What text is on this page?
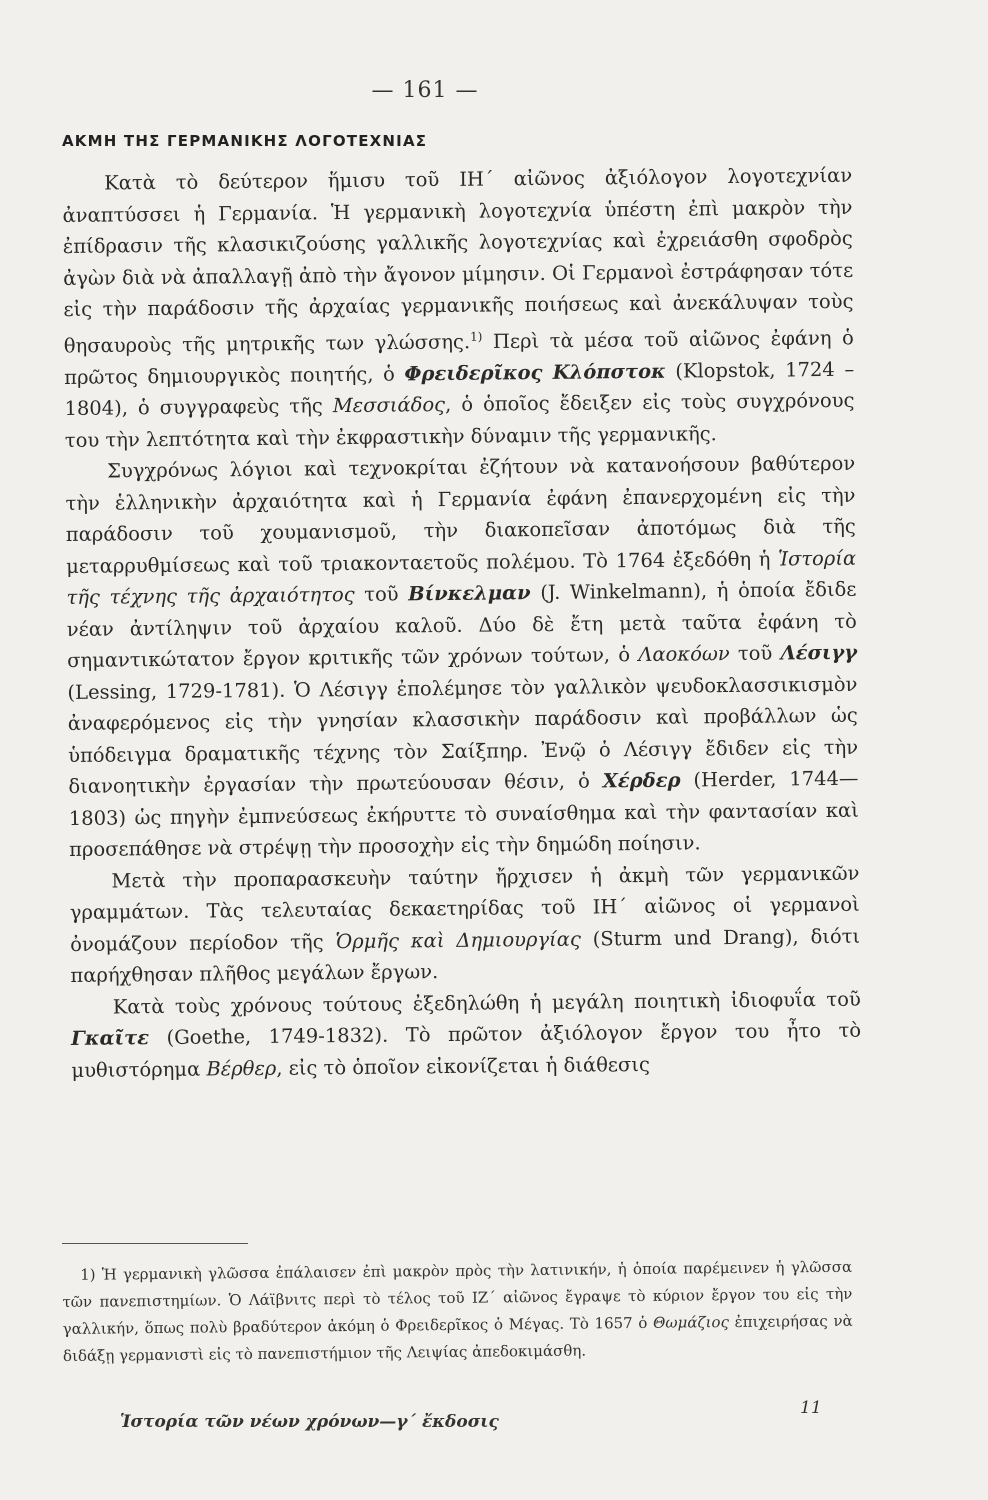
— 161 —
ΑΚΜΗ ΤΗΣ ΓΕΡΜΑΝΙΚΗΣ ΛΟΓΟΤΕΧΝΙΑΣ

Κατὰ τὸ δεύτερον ἥμισυ τοῦ ΙΗ΄ αἰῶνος ἀξιόλογον λογοτεχνίαν ἀναπτύσσει ἡ Γερμανία. Ἡ γερμανικὴ λογοτεχνία ὑπέστη ἐπὶ μακρὸν τὴν ἐπίδρασιν τῆς κλασικιζούσης γαλλικῆς λογοτεχνίας καὶ ἐχρειάσθη σφοδρὸς ἀγὼν διὰ νὰ ἀπαλλαγῇ ἀπὸ τὴν ἄγονον μίμησιν. Οἱ Γερμανοὶ ἐστράφησαν τότε εἰς τὴν παράδοσιν τῆς ἀρχαίας γερμανικῆς ποιήσεως καὶ ἀνεκάλυψαν τοὺς θησαυροὺς τῆς μητρικῆς των γλώσσης.$^{1)}$ Περὶ τὰ μέσα τοῦ αἰῶνος ἐφάνη ὁ πρῶτος δημιουργικὸς ποιητής, ὁ Φρειδερῖκος Κλόπστοκ (Klopstok, 1724 – 1804), ὁ συγγραφεὺς τῆς Μεσσιάδος, ὁ ὁποῖος ἔδειξεν εἰς τοὺς συγχρόνους του τὴν λεπτότητα καὶ τὴν ἐκφραστικὴν δύναμιν τῆς γερμανικῆς.

Συγχρόνως λόγιοι καὶ τεχνοκρίται ἐζήτουν νὰ κατανοήσουν βαθύτερον τὴν ἑλληνικὴν ἀρχαιότητα καὶ ἡ Γερμανία ἐφάνη ἐπανερχομένη εἰς τὴν παράδοσιν τοῦ χουμανισμοῦ, τὴν διακοπεῖσαν ἀποτόμως διὰ τῆς μεταρρυθμίσεως καὶ τοῦ τριακονταετοῦς πολέμου. Τὸ 1764 ἐξεδόθη ἡ Ἱστορία τῆς τέχνης τῆς ἀρχαιότητος τοῦ Βίνκελμαν (J. Winkelmann), ἡ ὁποία ἔδιδε νέαν ἀντίληψιν τοῦ ἀρχαίου καλοῦ. Δύο δὲ ἔτη μετὰ ταῦτα ἐφάνη τὸ σημαντικώτατον ἔργον κριτικῆς τῶν χρόνων τούτων, ὁ Λαοκόων τοῦ Λέσιγγ (Lessing, 1729-1781). Ὁ Λέσιγγ ἐπολέμησε τὸν γαλλικὸν ψευδοκλασσικισμὸν ἀναφερόμενος εἰς τὴν γνησίαν κλασσικὴν παράδοσιν καὶ προβάλλων ὡς ὑπόδειγμα δραματικῆς τέχνης τὸν Σαίξπηρ. Ἐνῷ ὁ Λέσιγγ ἔδιδεν εἰς τὴν διανοητικὴν ἐργασίαν τὴν πρωτεύουσαν θέσιν, ὁ Χέρδερ (Herder, 1744—1803) ὡς πηγὴν ἐμπνεύσεως ἐκήρυττε τὸ συναίσθημα καὶ τὴν φαντασίαν καὶ προσεπάθησε νὰ στρέψῃ τὴν προσοχὴν εἰς τὴν δημώδη ποίησιν.

Μετὰ τὴν προπαρασκευὴν ταύτην ἤρχισεν ἡ ἀκμὴ τῶν γερμανικῶν γραμμάτων. Τὰς τελευταίας δεκαετηρίδας τοῦ ΙΗ΄ αἰῶνος οἱ γερμανοὶ ὀνομάζουν περίοδον τῆς Ὁρμῆς καὶ Δημιουργίας (Sturm und Drang), διότι παρήχθησαν πλῆθος μεγάλων ἔργων.

Κατὰ τοὺς χρόνους τούτους ἐξεδηλώθη ἡ μεγάλη ποιητικὴ ἰδιοφυΐα τοῦ Γκαῖτε (Goethe, 1749-1832). Τὸ πρῶτον ἀξιόλογον ἔργον του ἦτο τὸ μυθιστόρημα Βέρθερ, εἰς τὸ ὁποῖον εἰκονίζεται ἡ διάθεσις

1) Ἡ γερμανικὴ γλῶσσα ἐπάλαισεν ἐπὶ μακρὸν πρὸς τὴν λατινικήν, ἡ ὁποία παρέμεινεν ἡ γλῶσσα τῶν πανεπιστημίων. Ὁ Λάϊβνιτς περὶ τὸ τέλος τοῦ ΙΖ΄ αἰῶνος ἔγραψε τὸ κύριον ἔργον του εἰς τὴν γαλλικήν, ὅπως πολὺ βραδύτερον ἀκόμη ὁ Φρειδερῖκος ὁ Μέγας. Τὸ 1657 ὁ Θωμάζιος ἐπιχειρήσας νὰ διδάξῃ γερμανιστὶ εἰς τὸ πανεπιστήμιον τῆς Λειψίας ἀπεδοκιμάσθη.

Ἱστορία τῶν νέων χρόνων—γ΄ ἔκδοσις
11
